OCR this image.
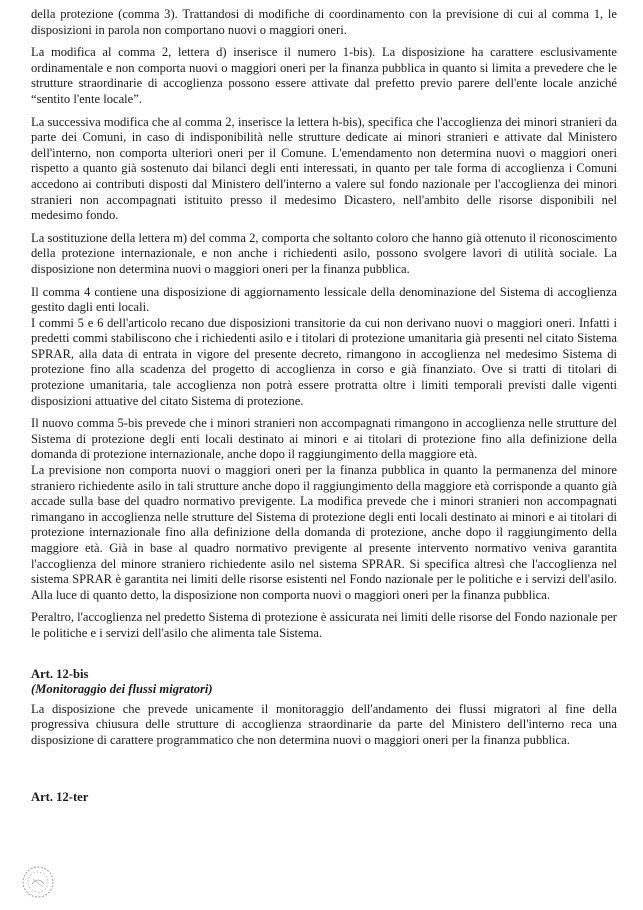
della protezione (comma 3). Trattandosi di modifiche di coordinamento con la previsione di cui al comma 1, le disposizioni in parola non comportano nuovi o maggiori oneri.

La modifica al comma 2, lettera d) inserisce il numero 1-bis). La disposizione ha carattere esclusivamente ordinamentale e non comporta nuovi o maggiori oneri per la finanza pubblica in quanto si limita a prevedere che le strutture straordinarie di accoglienza possono essere attivate dal prefetto previo parere dell'ente locale anziché “sentito l'ente locale”.

La successiva modifica che al comma 2, inserisce la lettera h-bis), specifica che l'accoglienza dei minori stranieri da parte dei Comuni, in caso di indisponibilità nelle strutture dedicate ai minori stranieri e attivate dal Ministero dell'interno, non comporta ulteriori oneri per il Comune. L'emendamento non determina nuovi o maggiori oneri rispetto a quanto già sostenuto dai bilanci degli enti interessati, in quanto per tale forma di accoglienza i Comuni accedono ai contributi disposti dal Ministero dell'interno a valere sul fondo nazionale per l'accoglienza dei minori stranieri non accompagnati istituito presso il medesimo Dicastero, nell'ambito delle risorse disponibili nel medesimo fondo.

La sostituzione della lettera m) del comma 2, comporta che soltanto coloro che hanno già ottenuto il riconoscimento della protezione internazionale, e non anche i richiedenti asilo, possono svolgere lavori di utilità sociale. La disposizione non determina nuovi o maggiori oneri per la finanza pubblica.

Il comma 4 contiene una disposizione di aggiornamento lessicale della denominazione del Sistema di accoglienza gestito dagli enti locali.

I commi 5 e 6 dell'articolo recano due disposizioni transitorie da cui non derivano nuovi o maggiori oneri. Infatti i predetti commi stabiliscono che i richiedenti asilo e i titolari di protezione umanitaria già presenti nel citato Sistema SPRAR, alla data di entrata in vigore del presente decreto, rimangono in accoglienza nel medesimo Sistema di protezione fino alla scadenza del progetto di accoglienza in corso e già finanziato. Ove si tratti di titolari di protezione umanitaria, tale accoglienza non potrà essere protratta oltre i limiti temporali previsti dalle vigenti disposizioni attuative del citato Sistema di protezione.

Il nuovo comma 5-bis prevede che i minori stranieri non accompagnati rimangono in accoglienza nelle strutture del Sistema di protezione degli enti locali destinato ai minori e ai titolari di protezione fino alla definizione della domanda di protezione internazionale, anche dopo il raggiungimento della maggiore età.

La previsione non comporta nuovi o maggiori oneri per la finanza pubblica in quanto la permanenza del minore straniero richiedente asilo in tali strutture anche dopo il raggiungimento della maggiore età corrisponde a quanto già accade sulla base del quadro normativo previgente. La modifica prevede che i minori stranieri non accompagnati rimangano in accoglienza nelle strutture del Sistema di protezione degli enti locali destinato ai minori e ai titolari di protezione internazionale fino alla definizione della domanda di protezione, anche dopo il raggiungimento della maggiore età. Già in base al quadro normativo previgente al presente intervento normativo veniva garantita l'accoglienza del minore straniero richiedente asilo nel sistema SPRAR. Si specifica altresì che l'accoglienza nel sistema SPRAR è garantita nei limiti delle risorse esistenti nel Fondo nazionale per le politiche e i servizi dell'asilo. Alla luce di quanto detto, la disposizione non comporta nuovi o maggiori oneri per la finanza pubblica.

Peraltro, l'accoglienza nel predetto Sistema di protezione è assicurata nei limiti delle risorse del Fondo nazionale per le politiche e i servizi dell'asilo che alimenta tale Sistema.

Art. 12-bis

(Monitoraggio dei flussi migratori)

La disposizione che prevede unicamente il monitoraggio dell'andamento dei flussi migratori al fine della progressiva chiusura delle strutture di accoglienza straordinarie da parte del Ministero dell'interno reca una disposizione di carattere programmatico che non determina nuovi o maggiori oneri per la finanza pubblica.

Art. 12-ter
